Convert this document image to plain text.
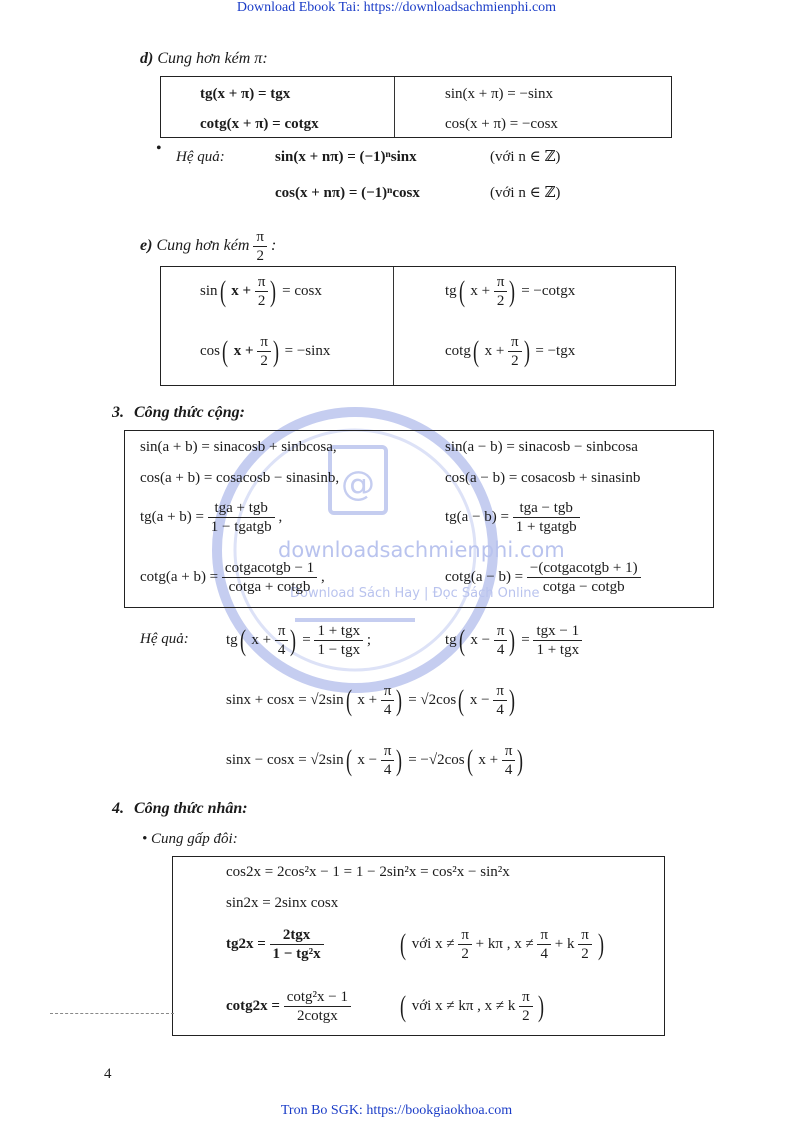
Download Ebook Tai: https://downloadsachmienphi.com
Tron Bo SGK: https://bookgiaokhoa.com
@
downloadsachmienphi.com
Download Sách Hay | Đọc Sách Online
d) Cung hơn kém π:
tg(x + π) = tgx	sin(x + π) = −sinx
cotg(x + π) = cotgx	cos(x + π) = −cosx
• Hệ quả:	sin(x + nπ) = (−1)ⁿsinx	(với n ∈ ℤ)
cos(x + nπ) = (−1)ⁿcosx	(với n ∈ ℤ)
e) Cung hơn kém $\frac{\pi}{2}$ :
sin( $x + \frac{\pi}{2}$ ) = cosx	tg( $x + \frac{\pi}{2}$ ) = −cotgx
cos( $x + \frac{\pi}{2}$ ) = −sinx	cotg( $x + \frac{\pi}{2}$ ) = −tgx
3. Công thức cộng:
sin(a + b) = sinacosb + sinbcosa,	sin(a − b) = sinacosb − sinbcosa
cos(a + b) = cosacosb − sinasinb,	cos(a − b) = cosacosb + sinasinb
$tg(a + b) = \frac{\text{tga + tgb}}{\text{1 − tgatgb}}$ ,	$tg(a - b) = \frac{\text{tga − tgb}}{\text{1 + tgatgb}}$
$\cot g(a + b) = \frac{\text{cotgacotgb − 1}}{\text{cotga + cotgb}}$ ,	$\cot g(a - b) = \frac{\text{−(cotgacotgb + 1)}}{\text{cotga − cotgb}}$
Hệ quả: tg( $x + \frac{\pi}{4}$ ) = $\frac{\text{1 + tgx}}{\text{1 − tgx}}$ ;	tg( $x - \frac{\pi}{4}$ ) = $\frac{\text{tgx − 1}}{\text{1 + tgx}}$
sinx + cosx = √2sin( $x + \frac{\pi}{4}$ ) = √2cos( $x - \frac{\pi}{4}$ )
sinx − cosx = √2sin( $x - \frac{\pi}{4}$ ) = −√2cos( $x + \frac{\pi}{4}$ )
4. Công thức nhân:
• Cung gấp đôi:
cos2x = 2cos²x − 1 = 1 − 2sin²x = cos²x − sin²x
sin2x = 2sinx cosx
$tg2x = \frac{\text{2tgx}}{\text{1 − tg²x}}$	( với $x \ne \frac{\pi}{2} + k\pi$ , $x \ne \frac{\pi}{4} + k \frac{\pi}{2}$ )
$\cot g2x = \frac{\text{cotg²x − 1}}{\text{2cotgx}}$ ( với x ≠ kπ , x ≠ k $\frac{\pi}{2}$ )
4
